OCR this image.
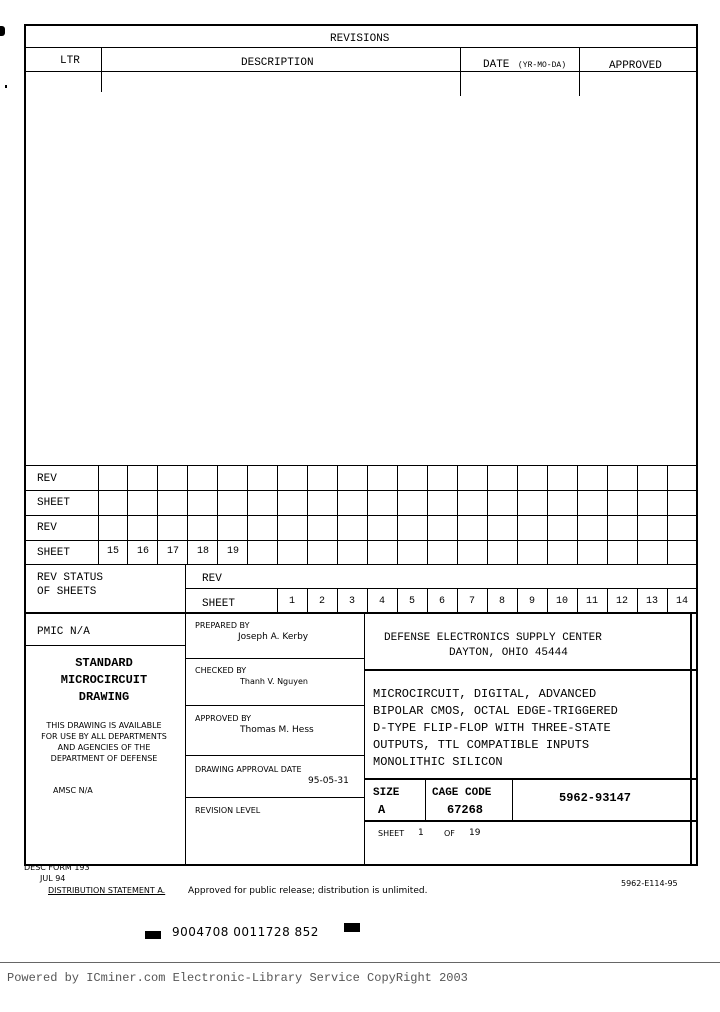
REVISIONS
LTR	DESCRIPTION	DATE (YR-MO-DA)	APPROVED
REV
SHEET
REV
SHEET	15	16	17	18	19
REV STATUS
OF SHEETS
REV
SHEET	1	2	3	4	5	6	7	8	9	10	11	12	13	14
PMIC N/A
STANDARD
MICROCIRCUIT
DRAWING
THIS DRAWING IS AVAILABLE
FOR USE BY ALL DEPARTMENTS
AND AGENCIES OF THE
DEPARTMENT OF DEFENSE
AMSC N/A
PREPARED BY
Joseph A. Kerby
CHECKED BY
Thanh V. Nguyen
APPROVED BY
Thomas M. Hess
DRAWING APPROVAL DATE
95-05-31
REVISION LEVEL
DEFENSE ELECTRONICS SUPPLY CENTER
DAYTON, OHIO 45444
MICROCIRCUIT, DIGITAL, ADVANCED
BIPOLAR CMOS, OCTAL EDGE-TRIGGERED
D-TYPE FLIP-FLOP WITH THREE-STATE
OUTPUTS, TTL COMPATIBLE INPUTS
MONOLITHIC SILICON
SIZE
A
CAGE CODE
67268
5962-93147
SHEET 1	OF 19
DESC FORM 193
JUL 94
DISTRIBUTION STATEMENT A.	Approved for public release; distribution is unlimited.
5962-E114-95
9004708 0011728 852
Powered by ICminer.com Electronic-Library Service CopyRight 2003
